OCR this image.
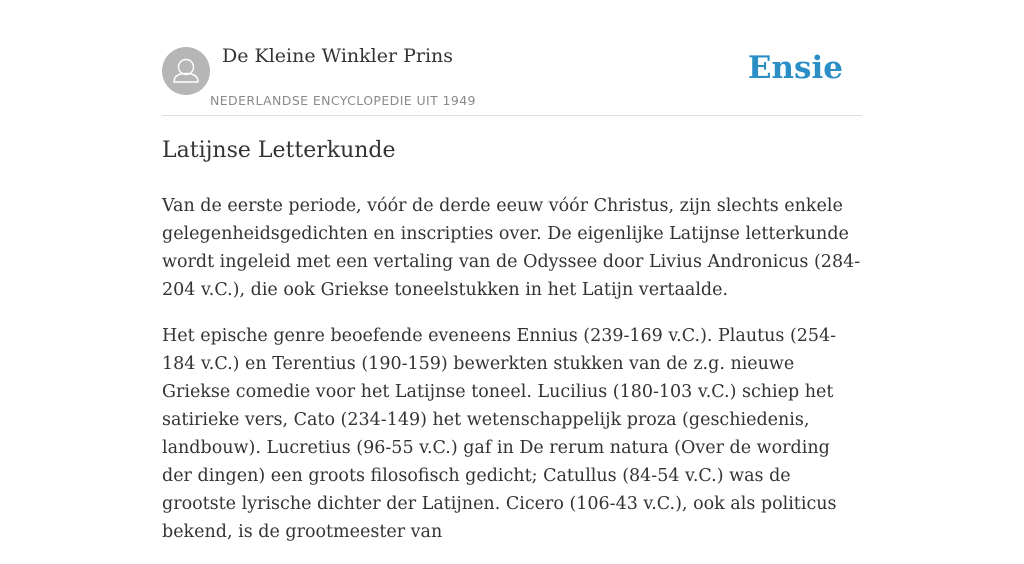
De Kleine Winkler Prins
NEDERLANDSE ENCYCLOPEDIE UIT 1949
Ensie
Latijnse Letterkunde

Van de eerste periode, vóór de derde eeuw vóór Christus, zijn slechts enkele gelegenheidsgedichten en inscripties over. De eigenlijke Latijnse letterkunde wordt ingeleid met een vertaling van de Odyssee door Livius Andronicus (284-204 v.C.), die ook Griekse toneelstukken in het Latijn vertaalde.

Het epische genre beoefende eveneens Ennius (239-169 v.C.). Plautus (254-184 v.C.) en Terentius (190-159) bewerkten stukken van de z.g. nieuwe Griekse comedie voor het Latijnse toneel. Lucilius (180-103 v.C.) schiep het satirieke vers, Cato (234-149) het wetenschappelijk proza (geschiedenis, landbouw). Lucretius (96-55 v.C.) gaf in De rerum natura (Over de wording der dingen) een groots filosofisch gedicht; Catullus (84-54 v.C.) was de grootste lyrische dichter der Latijnen. Cicero (106-43 v.C.), ook als politicus bekend, is de grootmeester van
